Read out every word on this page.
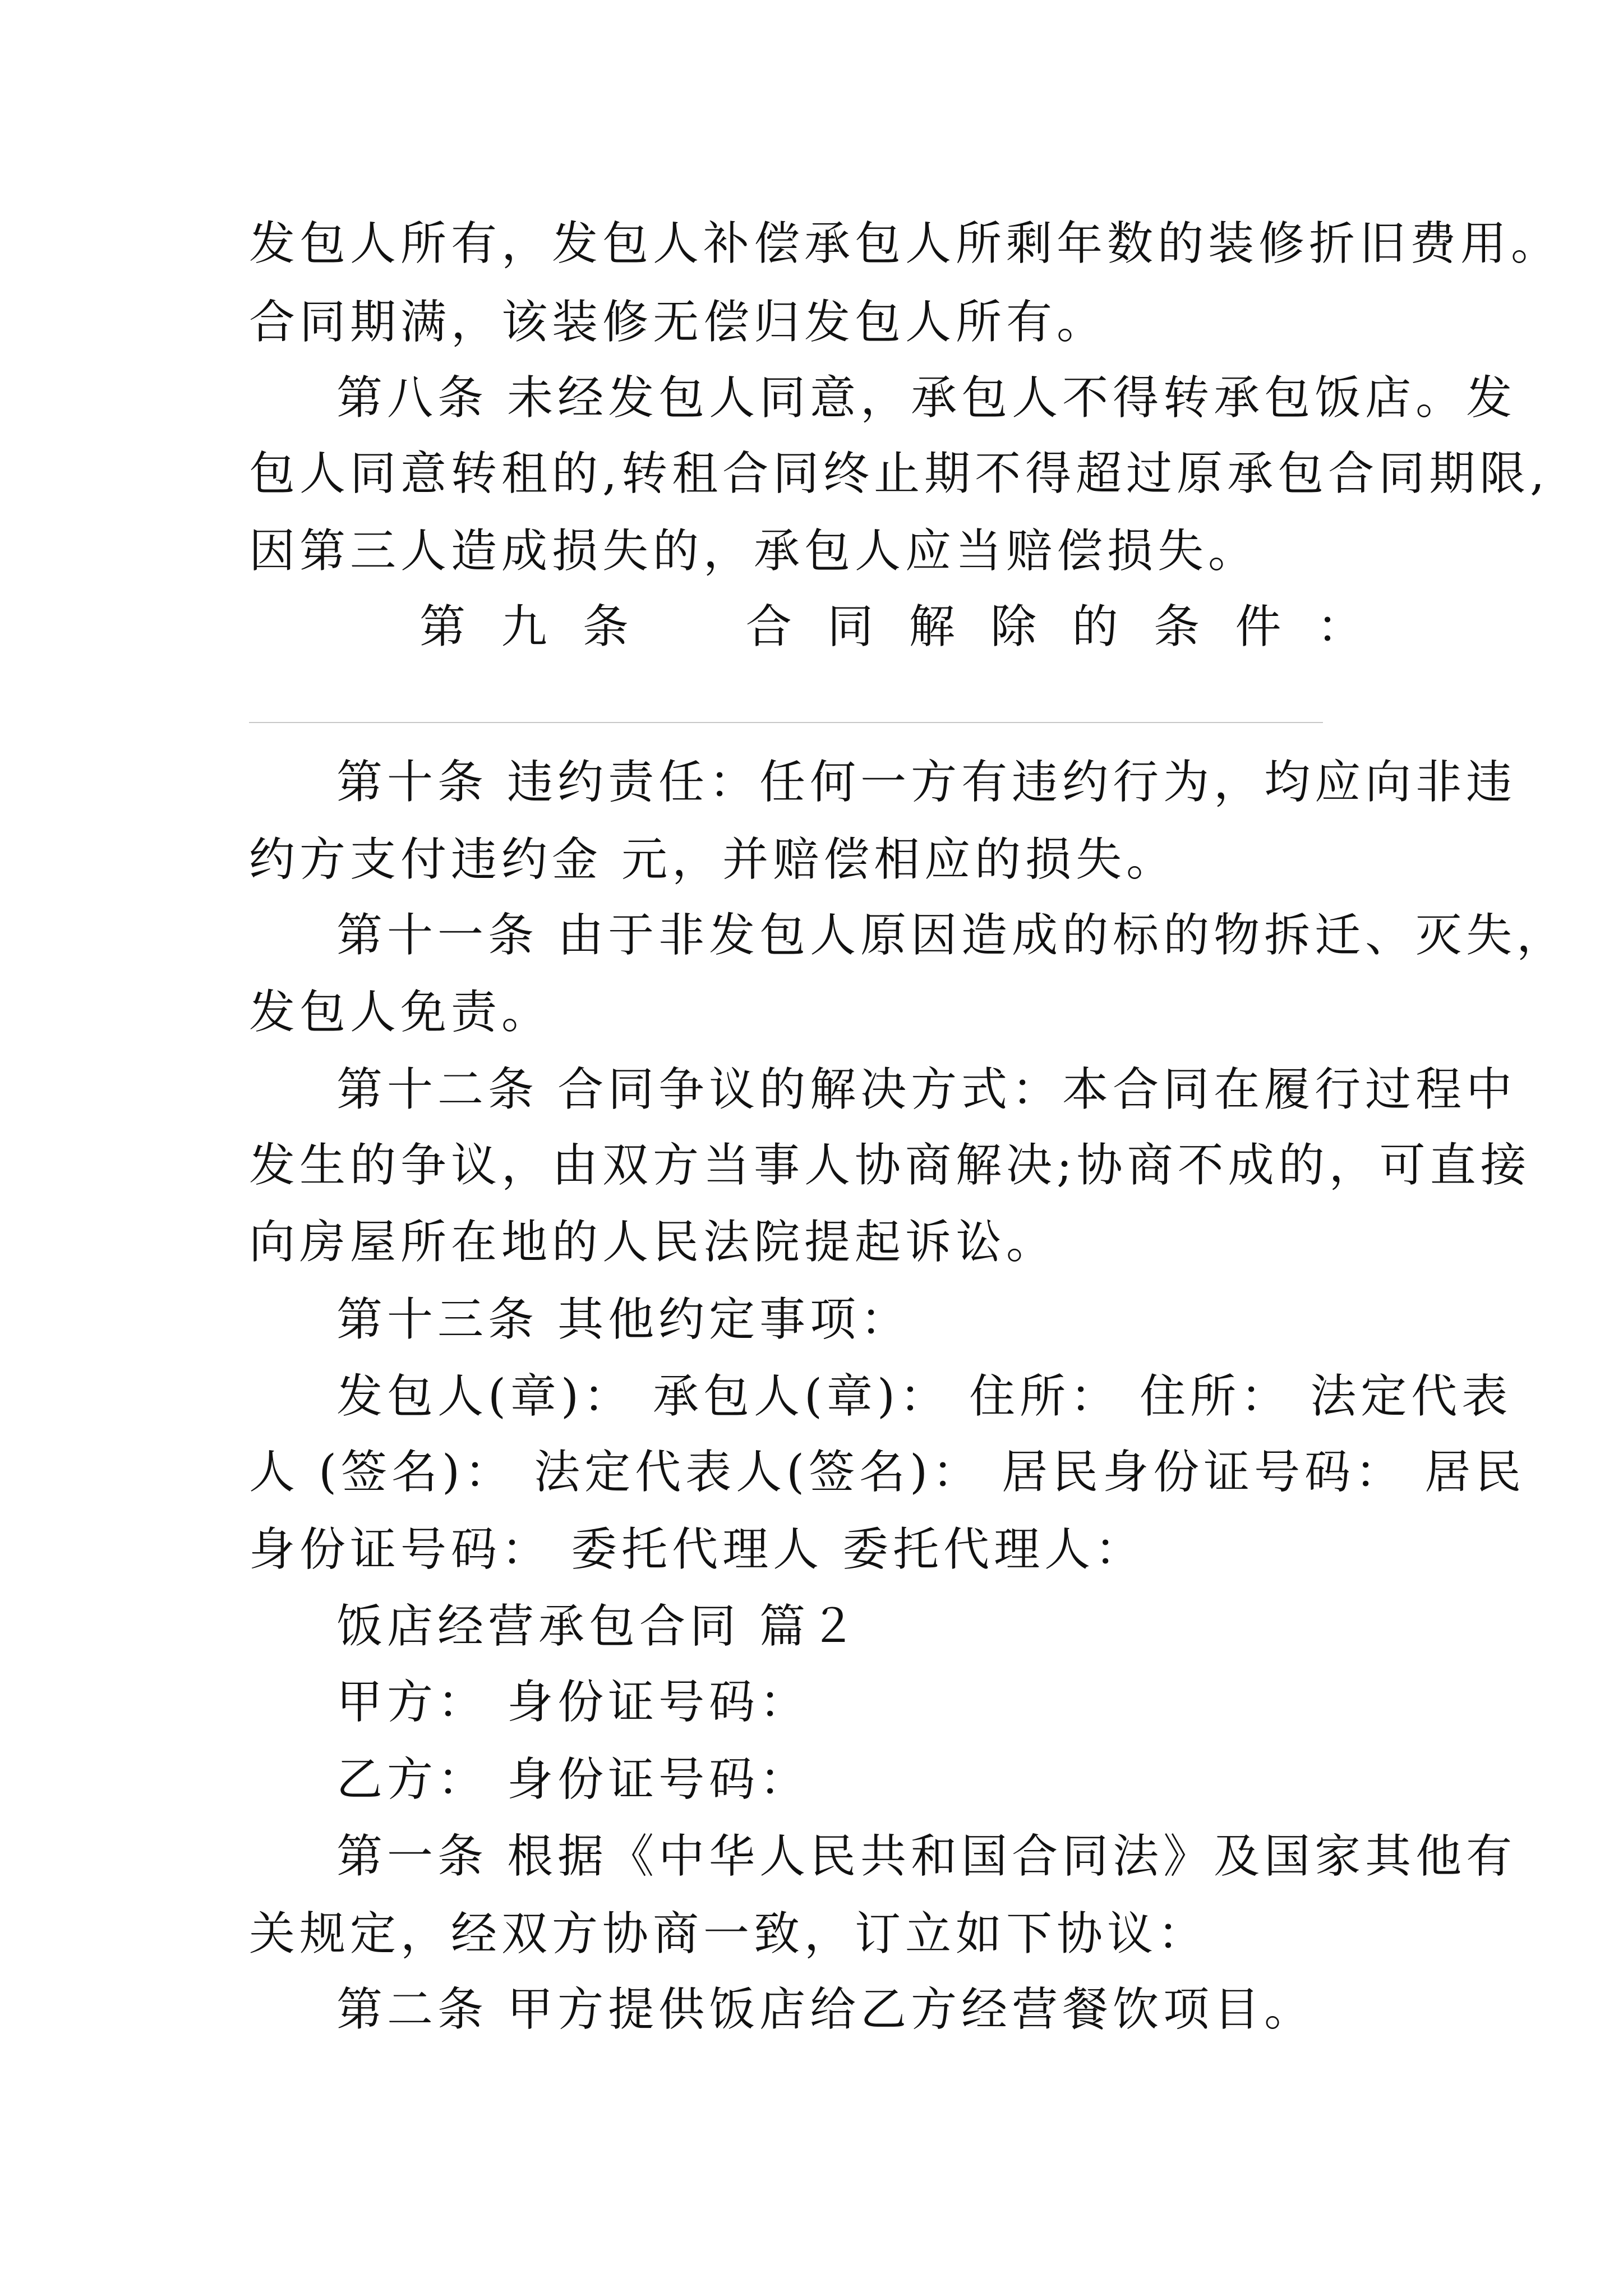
发包人所有，发包人补偿承包人所剩年数的装修折旧费用。

合同期满，该装修无偿归发包人所有。

第八条 未经发包人同意，承包人不得转承包饭店。发

包人同意转租的,转租合同终止期不得超过原承包合同期限,

因第三人造成损失的，承包人应当赔偿损失。

第 九 条 合 同 解 除 的 条 件 ：

第十条 违约责任：任何一方有违约行为，均应向非违

约方支付违约金 元，并赔偿相应的损失。

第十一条 由于非发包人原因造成的标的物拆迁、灭失，

发包人免责。

第十二条 合同争议的解决方式：本合同在履行过程中

发生的争议，由双方当事人协商解决;协商不成的，可直接

向房屋所在地的人民法院提起诉讼。

第十三条 其他约定事项：

发包人(章)： 承包人(章)： 住所： 住所： 法定代表

人 (签名)： 法定代表人(签名)： 居民身份证号码： 居民

身份证号码： 委托代理人 委托代理人：

饭店经营承包合同 篇２

甲方： 身份证号码：

乙方： 身份证号码：

第一条 根据《中华人民共和国合同法》及国家其他有

关规定，经双方协商一致，订立如下协议：

第二条 甲方提供饭店给乙方经营餐饮项目。
